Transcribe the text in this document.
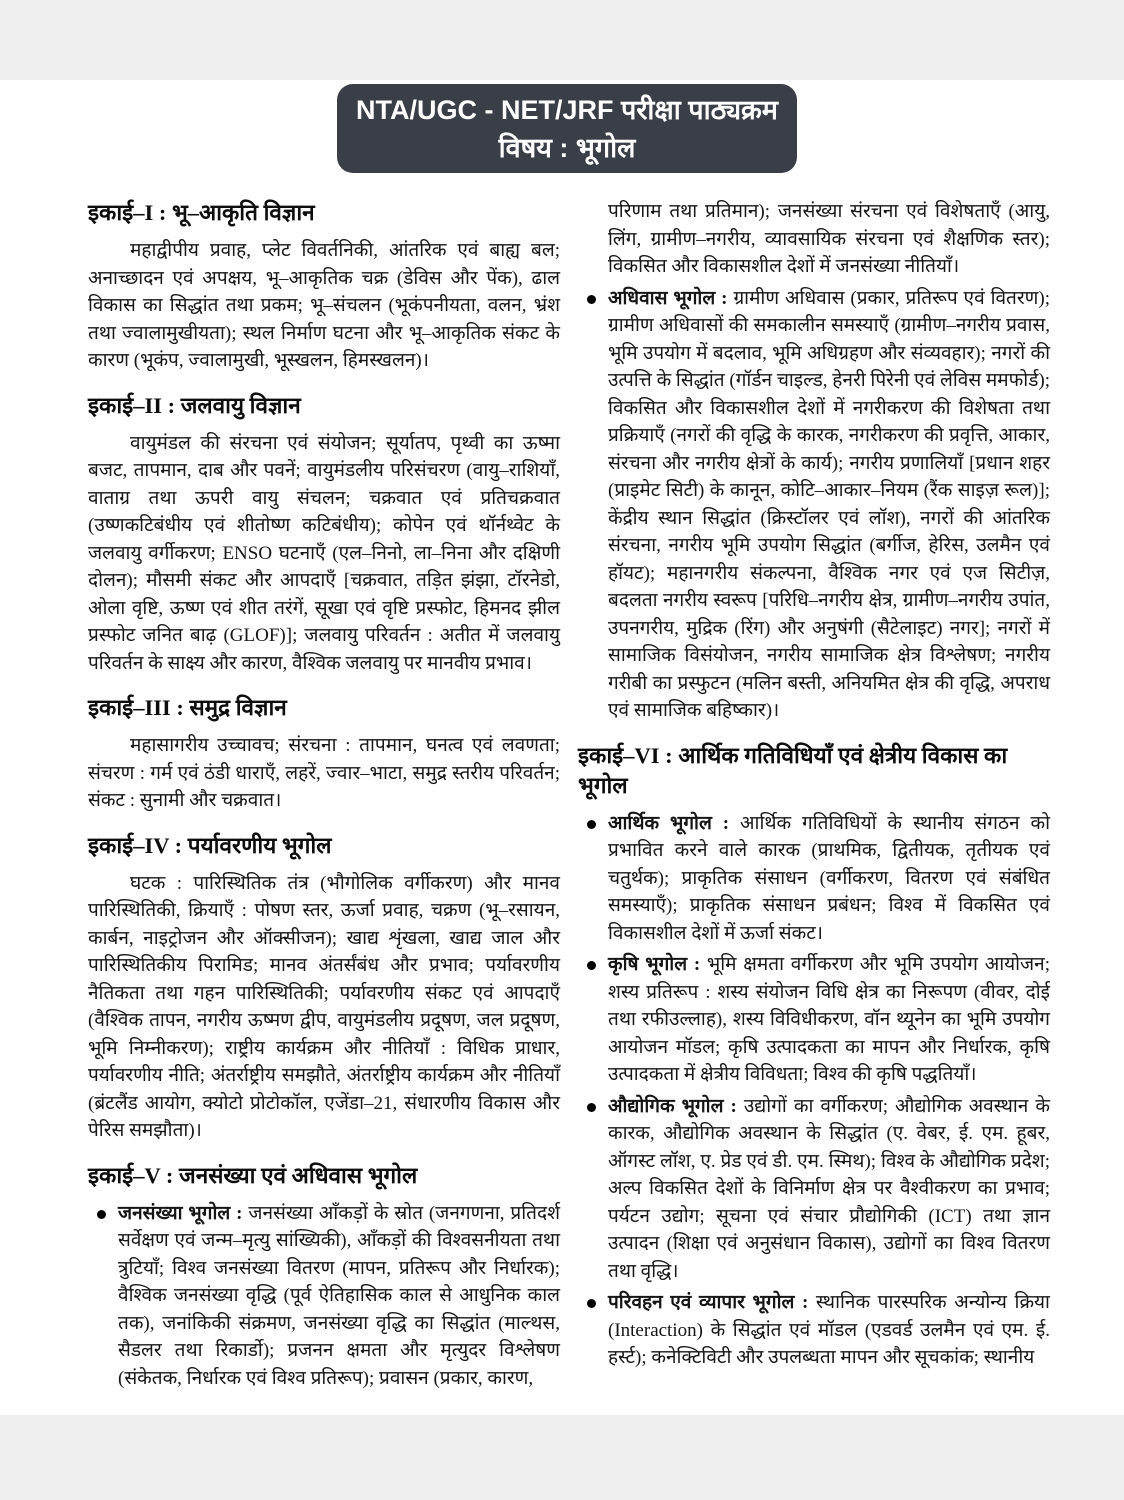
इकाई–I : भू–आकृति विज्ञान

महाद्वीपीय प्रवाह, प्लेट विवर्तनिकी, आंतरिक एवं बाह्य बल; अनाच्छादन एवं अपक्षय, भू–आकृतिक चक्र (डेविस और पेंक), ढाल विकास का सिद्धांत तथा प्रकम; भू–संचलन (भूकंपनीयता, वलन, भ्रंश तथा ज्वालामुखीयता); स्थल निर्माण घटना और भू–आकृतिक संकट के कारण (भूकंप, ज्वालामुखी, भूस्खलन, हिमस्खलन)।

इकाई–II : जलवायु विज्ञान

वायुमंडल की संरचना एवं संयोजन; सूर्यातप, पृथ्वी का ऊष्मा बजट, तापमान, दाब और पवनें; वायुमंडलीय परिसंचरण (वायु–राशियाँ, वाताग्र तथा ऊपरी वायु संचलन; चक्रवात एवं प्रतिचक्रवात (उष्णकटिबंधीय एवं शीतोष्ण कटिबंधीय); कोपेन एवं थॉर्नथ्वेट के जलवायु वर्गीकरण; ENSO घटनाएँ (एल–निनो, ला–निना और दक्षिणी दोलन); मौसमी संकट और आपदाएँ [चक्रवात, तड़ित झंझा, टॉरनेडो, ओला वृष्टि, ऊष्ण एवं शीत तरंगें, सूखा एवं वृष्टि प्रस्फोट, हिमनद झील प्रस्फोट जनित बाढ़ (GLOF)]; जलवायु परिवर्तन : अतीत में जलवायु परिवर्तन के साक्ष्य और कारण, वैश्विक जलवायु पर मानवीय प्रभाव।

इकाई–III : समुद्र विज्ञान

महासागरीय उच्चावच; संरचना : तापमान, घनत्व एवं लवणता; संचरण : गर्म एवं ठंडी धाराएँ, लहरें, ज्वार–भाटा, समुद्र स्तरीय परिवर्तन; संकट : सुनामी और चक्रवात।

इकाई–IV : पर्यावरणीय भूगोल

घटक : पारिस्थितिक तंत्र (भौगोलिक वर्गीकरण) और मानव पारिस्थितिकी, क्रियाएँ : पोषण स्तर, ऊर्जा प्रवाह, चक्रण (भू–रसायन, कार्बन, नाइट्रोजन और ऑक्सीजन); खाद्य शृंखला, खाद्य जाल और पारिस्थितिकीय पिरामिड; मानव अंतर्संबंध और प्रभाव; पर्यावरणीय नैतिकता तथा गहन पारिस्थितिकी; पर्यावरणीय संकट एवं आपदाएँ (वैश्विक तापन, नगरीय ऊष्मण द्वीप, वायुमंडलीय प्रदूषण, जल प्रदूषण, भूमि निम्नीकरण); राष्ट्रीय कार्यक्रम और नीतियाँ : विधिक प्राधार, पर्यावरणीय नीति; अंतर्राष्ट्रीय समझौते, अंतर्राष्ट्रीय कार्यक्रम और नीतियाँ (ब्रंटलैंड आयोग, क्योटो प्रोटोकॉल, एजेंडा–21, संधारणीय विकास और पेरिस समझौता)।

इकाई–V : जनसंख्या एवं अधिवास भूगोल
जनसंख्या भूगोल : जनसंख्या आँकड़ों के स्रोत (जनगणना, प्रतिदर्श सर्वेक्षण एवं जन्म–मृत्यु सांख्यिकी), आँकड़ों की विश्वसनीयता तथा त्रुटियाँ; विश्व जनसंख्या वितरण (मापन, प्रतिरूप और निर्धारक); वैश्विक जनसंख्या वृद्धि (पूर्व ऐतिहासिक काल से आधुनिक काल तक), जनांकिकी संक्रमण, जनसंख्या वृद्धि का सिद्धांत (माल्थस, सैडलर तथा रिकार्डो); प्रजनन क्षमता और मृत्युदर विश्लेषण (संकेतक, निर्धारक एवं विश्व प्रतिरूप); प्रवासन (प्रकार, कारण,

परिणाम तथा प्रतिमान); जनसंख्या संरचना एवं विशेषताएँ (आयु, लिंग, ग्रामीण–नगरीय, व्यावसायिक संरचना एवं शैक्षणिक स्तर); विकसित और विकासशील देशों में जनसंख्या नीतियाँ।

अधिवास भूगोल : ग्रामीण अधिवास (प्रकार, प्रतिरूप एवं वितरण); ग्रामीण अधिवासों की समकालीन समस्याएँ (ग्रामीण–नगरीय प्रवास, भूमि उपयोग में बदलाव, भूमि अधिग्रहण और संव्यवहार); नगरों की उत्पत्ति के सिद्धांत (गॉर्डन चाइल्ड, हेनरी पिरेनी एवं लेविस ममफोर्ड); विकसित और विकासशील देशों में नगरीकरण की विशेषता तथा प्रक्रियाएँ (नगरों की वृद्धि के कारक, नगरीकरण की प्रवृत्ति, आकार, संरचना और नगरीय क्षेत्रों के कार्य); नगरीय प्रणालियाँ [प्रधान शहर (प्राइमेट सिटी) के कानून, कोटि–आकार–नियम (रैंक साइज़ रूल)]; केंद्रीय स्थान सिद्धांत (क्रिस्टॉलर एवं लॉश), नगरों की आंतरिक संरचना, नगरीय भूमि उपयोग सिद्धांत (बर्गीज, हेरिस, उलमैन एवं हॉयट); महानगरीय संकल्पना, वैश्विक नगर एवं एज सिटीज़, बदलता नगरीय स्वरूप [परिधि–नगरीय क्षेत्र, ग्रामीण–नगरीय उपांत, उपनगरीय, मुद्रिक (रिंग) और अनुषंगी (सैटेलाइट) नगर]; नगरों में सामाजिक विसंयोजन, नगरीय सामाजिक क्षेत्र विश्लेषण; नगरीय गरीबी का प्रस्फुटन (मलिन बस्ती, अनियमित क्षेत्र की वृद्धि, अपराध एवं सामाजिक बहिष्कार)।
इकाई–VI : आर्थिक गतिविधियाँ एवं क्षेत्रीय विकास का भूगोल
आर्थिक भूगोल : आर्थिक गतिविधियों के स्थानीय संगठन को प्रभावित करने वाले कारक (प्राथमिक, द्वितीयक, तृतीयक एवं चतुर्थक); प्राकृतिक संसाधन (वर्गीकरण, वितरण एवं संबंधित समस्याएँ); प्राकृतिक संसाधन प्रबंधन; विश्व में विकसित एवं विकासशील देशों में ऊर्जा संकट।
कृषि भूगोल : भूमि क्षमता वर्गीकरण और भूमि उपयोग आयोजन; शस्य प्रतिरूप : शस्य संयोजन विधि क्षेत्र का निरूपण (वीवर, दोई तथा रफीउल्लाह), शस्य विविधीकरण, वॉन थ्यूनेन का भूमि उपयोग आयोजन मॉडल; कृषि उत्पादकता का मापन और निर्धारक, कृषि उत्पादकता में क्षेत्रीय विविधता; विश्व की कृषि पद्धतियाँ।
औद्योगिक भूगोल : उद्योगों का वर्गीकरण; औद्योगिक अवस्थान के कारक, औद्योगिक अवस्थान के सिद्धांत (ए. वेबर, ई. एम. हूबर, ऑगस्ट लॉश, ए. प्रेड एवं डी. एम. स्मिथ); विश्व के औद्योगिक प्रदेश; अल्प विकसित देशों के विनिर्माण क्षेत्र पर वैश्वीकरण का प्रभाव; पर्यटन उद्योग; सूचना एवं संचार प्रौद्योगिकी (ICT) तथा ज्ञान उत्पादन (शिक्षा एवं अनुसंधान विकास), उद्योगों का विश्व वितरण तथा वृद्धि।
परिवहन एवं व्यापार भूगोल : स्थानिक पारस्परिक अन्योन्य क्रिया (Interaction) के सिद्धांत एवं मॉडल (एडवर्ड उलमैन एवं एम. ई. हर्स्ट); कनेक्टिविटी और उपलब्धता मापन और सूचकांक; स्थानीय
NTA/UGC - NET/JRF परीक्षा पाठ्यक्रम
विषय : भूगोल
